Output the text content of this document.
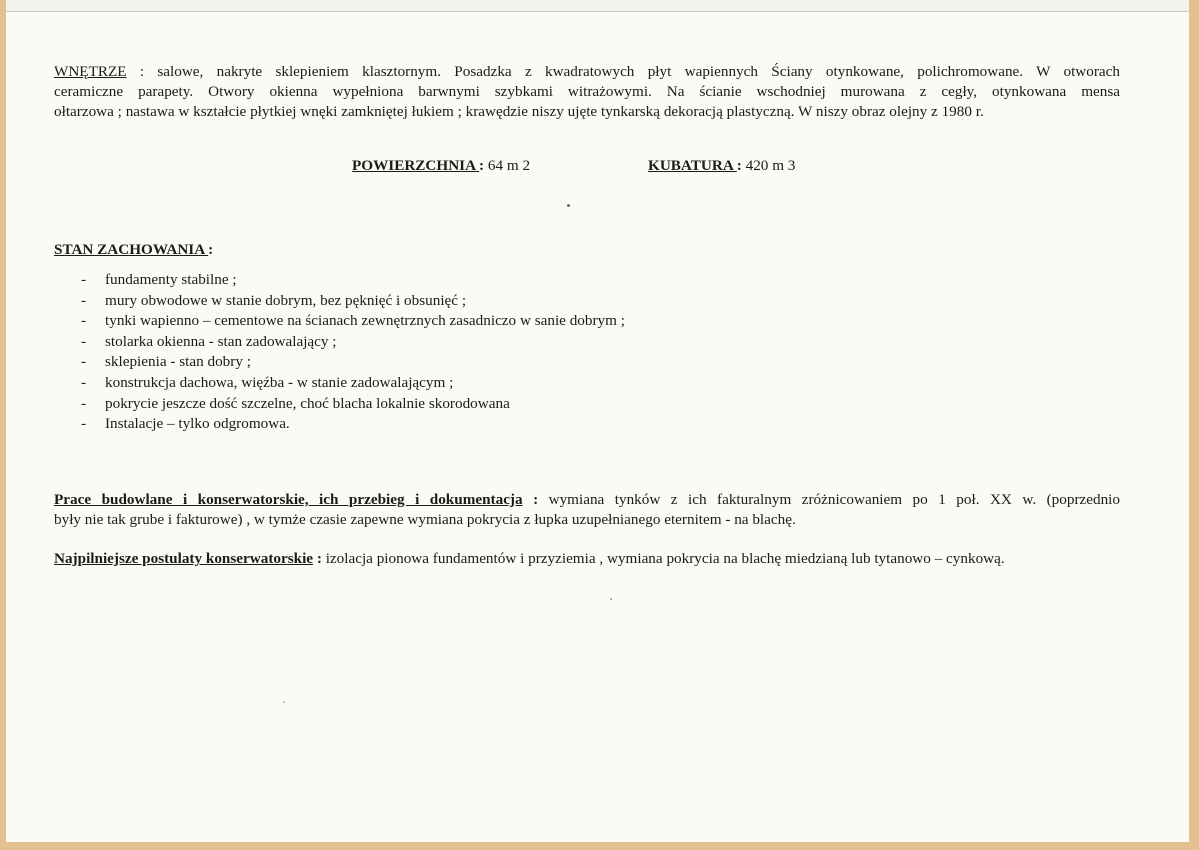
WNĘTRZE : salowe, nakryte sklepieniem klasztornym. Posadzka z kwadratowych płyt wapiennych Ściany otynkowane, polichromowane. W otworach
ceramiczne parapety. Otwory okienna wypełniona barwnymi szybkami witrażowymi. Na ścianie wschodniej murowana z cegły, otynkowana mensa
ołtarzowa ; nastawa w kształcie płytkiej wnęki zamkniętej łukiem ; krawędzie niszy ujęte tynkarską dekoracją plastyczną. W niszy obraz olejny z 1980 r.
POWIERZCHNIA : 64 m 2	KUBATURA : 420 m 3
STAN ZACHOWANIA :
- fundamenty stabilne ;
- mury obwodowe w stanie dobrym, bez pęknięć i obsunięć ;
- tynki wapienno – cementowe na ścianach zewnętrznych zasadniczo w sanie dobrym ;
- stolarka okienna - stan zadowalający ;
- sklepienia - stan dobry ;
- konstrukcja dachowa, więźba - w stanie zadowalającym ;
- pokrycie jeszcze dość szczelne, choć blacha lokalnie skorodowana
- Instalacje – tylko odgromowa.
Prace budowlane i konserwatorskie, ich przebieg i dokumentacja : wymiana tynków z ich fakturalnym zróżnicowaniem po 1 poł. XX w. (poprzednio
były nie tak grube i fakturowe) , w tymże czasie zapewne wymiana pokrycia z łupka uzupełnianego eternitem - na blachę.
Najpilniejsze postulaty konserwatorskie : izolacja pionowa fundamentów i przyziemia , wymiana pokrycia na blachę miedzianą lub tytanowo – cynkową.
